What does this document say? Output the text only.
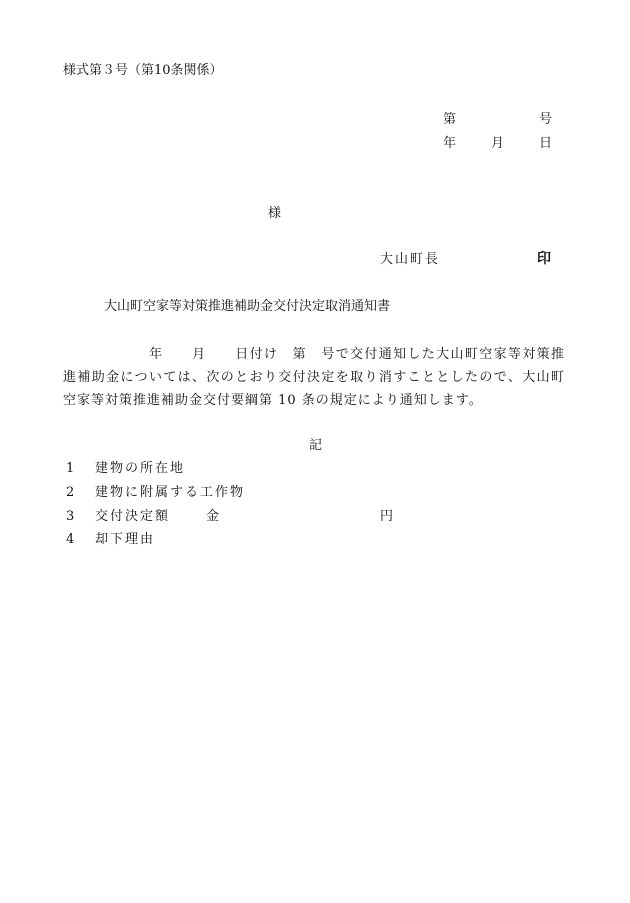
様式第３号（第10条関係）
第	号
年	月	日
様
大山町長	印
大山町空家等対策推進補助金交付決定取消通知書
　　　　　　年　　月　　日付け　第　号で交付通知した大山町空家等対策推進補助金については、次のとおり交付決定を取り消すこととしたので、大山町空家等対策推進補助金交付要綱第 10 条の規定により通知します。
記
1 建物の所在地
2 建物に附属する工作物
3 交付決定額	金	円
4 却下理由
